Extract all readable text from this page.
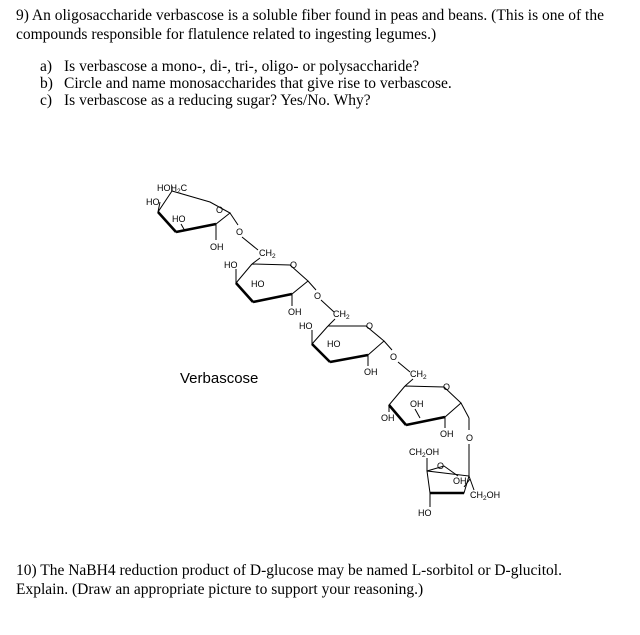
9) An oligosaccharide verbascose is a soluble fiber found in peas and beans. (This is one of the compounds responsible for flatulence related to ingesting legumes.)
a) Is verbascose a mono-, di-, tri-, oligo- or polysaccharide?
b) Circle and name monosaccharides that give rise to verbascose.
c) Is verbascose as a reducing sugar? Yes/No. Why?
$HOH_2C$
HO
HO
OH
O
O
$CH_2$
HO
HO
OH
O
O
$CH_2$
HO
HO
OH
O
O
$CH_2$
OH
OH
OH
O
O
$CH_2OH$
O
OH
HO
$CH_2OH$
Verbascose
10) The NaBH4 reduction product of D-glucose may be named L-sorbitol or D-glucitol. Explain. (Draw an appropriate picture to support your reasoning.)
